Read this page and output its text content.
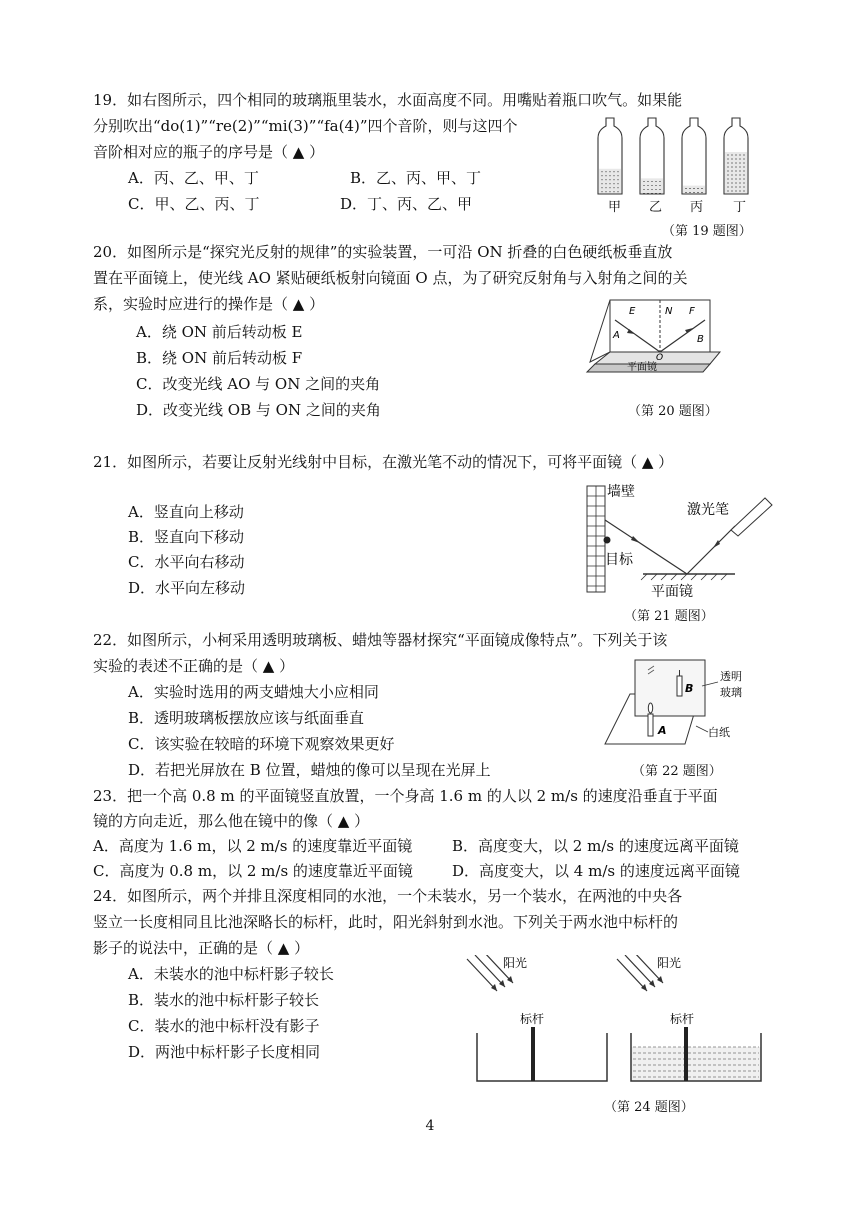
19．如右图所示，四个相同的玻璃瓶里装水，水面高度不同。用嘴贴着瓶口吹气。如果能
分别吹出“do(1)”“re(2)”“mi(3)”“fa(4)”四个音阶，则与这四个
音阶相对应的瓶子的序号是（ ▲ ）
A．丙、乙、甲、丁	B．乙、丙、甲、丁
C．甲、乙、丙、丁	D．丁、丙、乙、甲	甲 乙 丙 丁
（第 19 题图）
20．如图所示是“探究光反射的规律”的实验装置，一可沿 ON 折叠的白色硬纸板垂直放
置在平面镜上，使光线 AO 紧贴硬纸板射向镜面 O 点，为了研究反射角与入射角之间的关
系，实验时应进行的操作是（ ▲ ）
A．绕 ON 前后转动板 E
B．绕 ON 前后转动板 F
C．改变光线 AO 与 ON 之间的夹角
D．改变光线 OB 与 ON 之间的夹角
E	N F
A	B
O
平面镜
（第 20 题图）
21．如图所示，若要让反射光线射中目标，在激光笔不动的情况下，可将平面镜（ ▲ ）
A．竖直向上移动
B．竖直向下移动
C．水平向右移动
D．水平向左移动
墙壁
激光笔
目标
平面镜
（第 21 题图）
22．如图所示，小柯采用透明玻璃板、蜡烛等器材探究“平面镜成像特点”。下列关于该
实验的表述不正确的是（ ▲ ）
A．实验时选用的两支蜡烛大小应相同
B．透明玻璃板摆放应该与纸面垂直
C．该实验在较暗的环境下观察效果更好
D．若把光屏放在 B 位置，蜡烛的像可以呈现在光屏上
B
A
透明
玻璃
白纸
（第 22 题图）
23．把一个高 0.8 m 的平面镜竖直放置，一个身高 1.6 m 的人以 2 m/s 的速度沿垂直于平面
镜的方向走近，那么他在镜中的像（ ▲ ）
A．高度为 1.6 m，以 2 m/s 的速度靠近平面镜	B．高度变大，以 2 m/s 的速度远离平面镜
C．高度为 0.8 m，以 2 m/s 的速度靠近平面镜	D．高度变大，以 4 m/s 的速度远离平面镜
24．如图所示，两个并排且深度相同的水池，一个未装水，另一个装水，在两池的中央各
竖立一长度相同且比池深略长的标杆，此时，阳光斜射到水池。下列关于两水池中标杆的
影子的说法中，正确的是（ ▲ ）
A．未装水的池中标杆影子较长
B．装水的池中标杆影子较长
C．装水的池中标杆没有影子
D．两池中标杆影子长度相同
阳光
标杆
阳光
标杆
（第 24 题图）
4
